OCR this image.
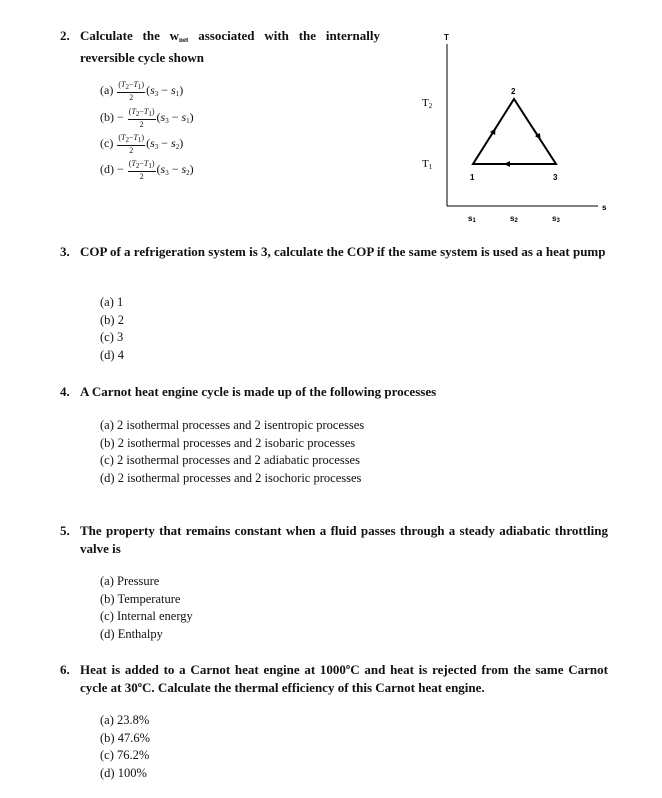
2. Calculate the $w_{net}$ associated with the internally reversible cycle shown
$(a) \frac{(T2-T1)}{2} (s_3 - s_1)$
$(b) - \frac{(T2-T1)}{2} (s_3 - s_1)$
$(c) \frac{(T2-T1)}{2} (s_3 - s_2)$
$(d) - \frac{(T2-T1)}{2} (s_3 - s_2)$
T
s
T2
T1
s1	s2	s3
1
2
3
3. COP of a refrigeration system is 3, calculate the COP if the same system is used as a heat pump
(a) 1
(b) 2
(c) 3
(d) 4
4. A Carnot heat engine cycle is made up of the following processes
(a) 2 isothermal processes and 2 isentropic processes
(b) 2 isothermal processes and 2 isobaric processes
(c) 2 isothermal processes and 2 adiabatic processes
(d) 2 isothermal processes and 2 isochoric processes
5. The property that remains constant when a fluid passes through a steady adiabatic throttling valve is
(a) Pressure
(b) Temperature
(c) Internal energy
(d) Enthalpy
6. Heat is added to a Carnot heat engine at 1000ºC and heat is rejected from the same Carnot cycle at 30ºC. Calculate the thermal efficiency of this Carnot heat engine.
(a) 23.8%
(b) 47.6%
(c) 76.2%
(d) 100%
